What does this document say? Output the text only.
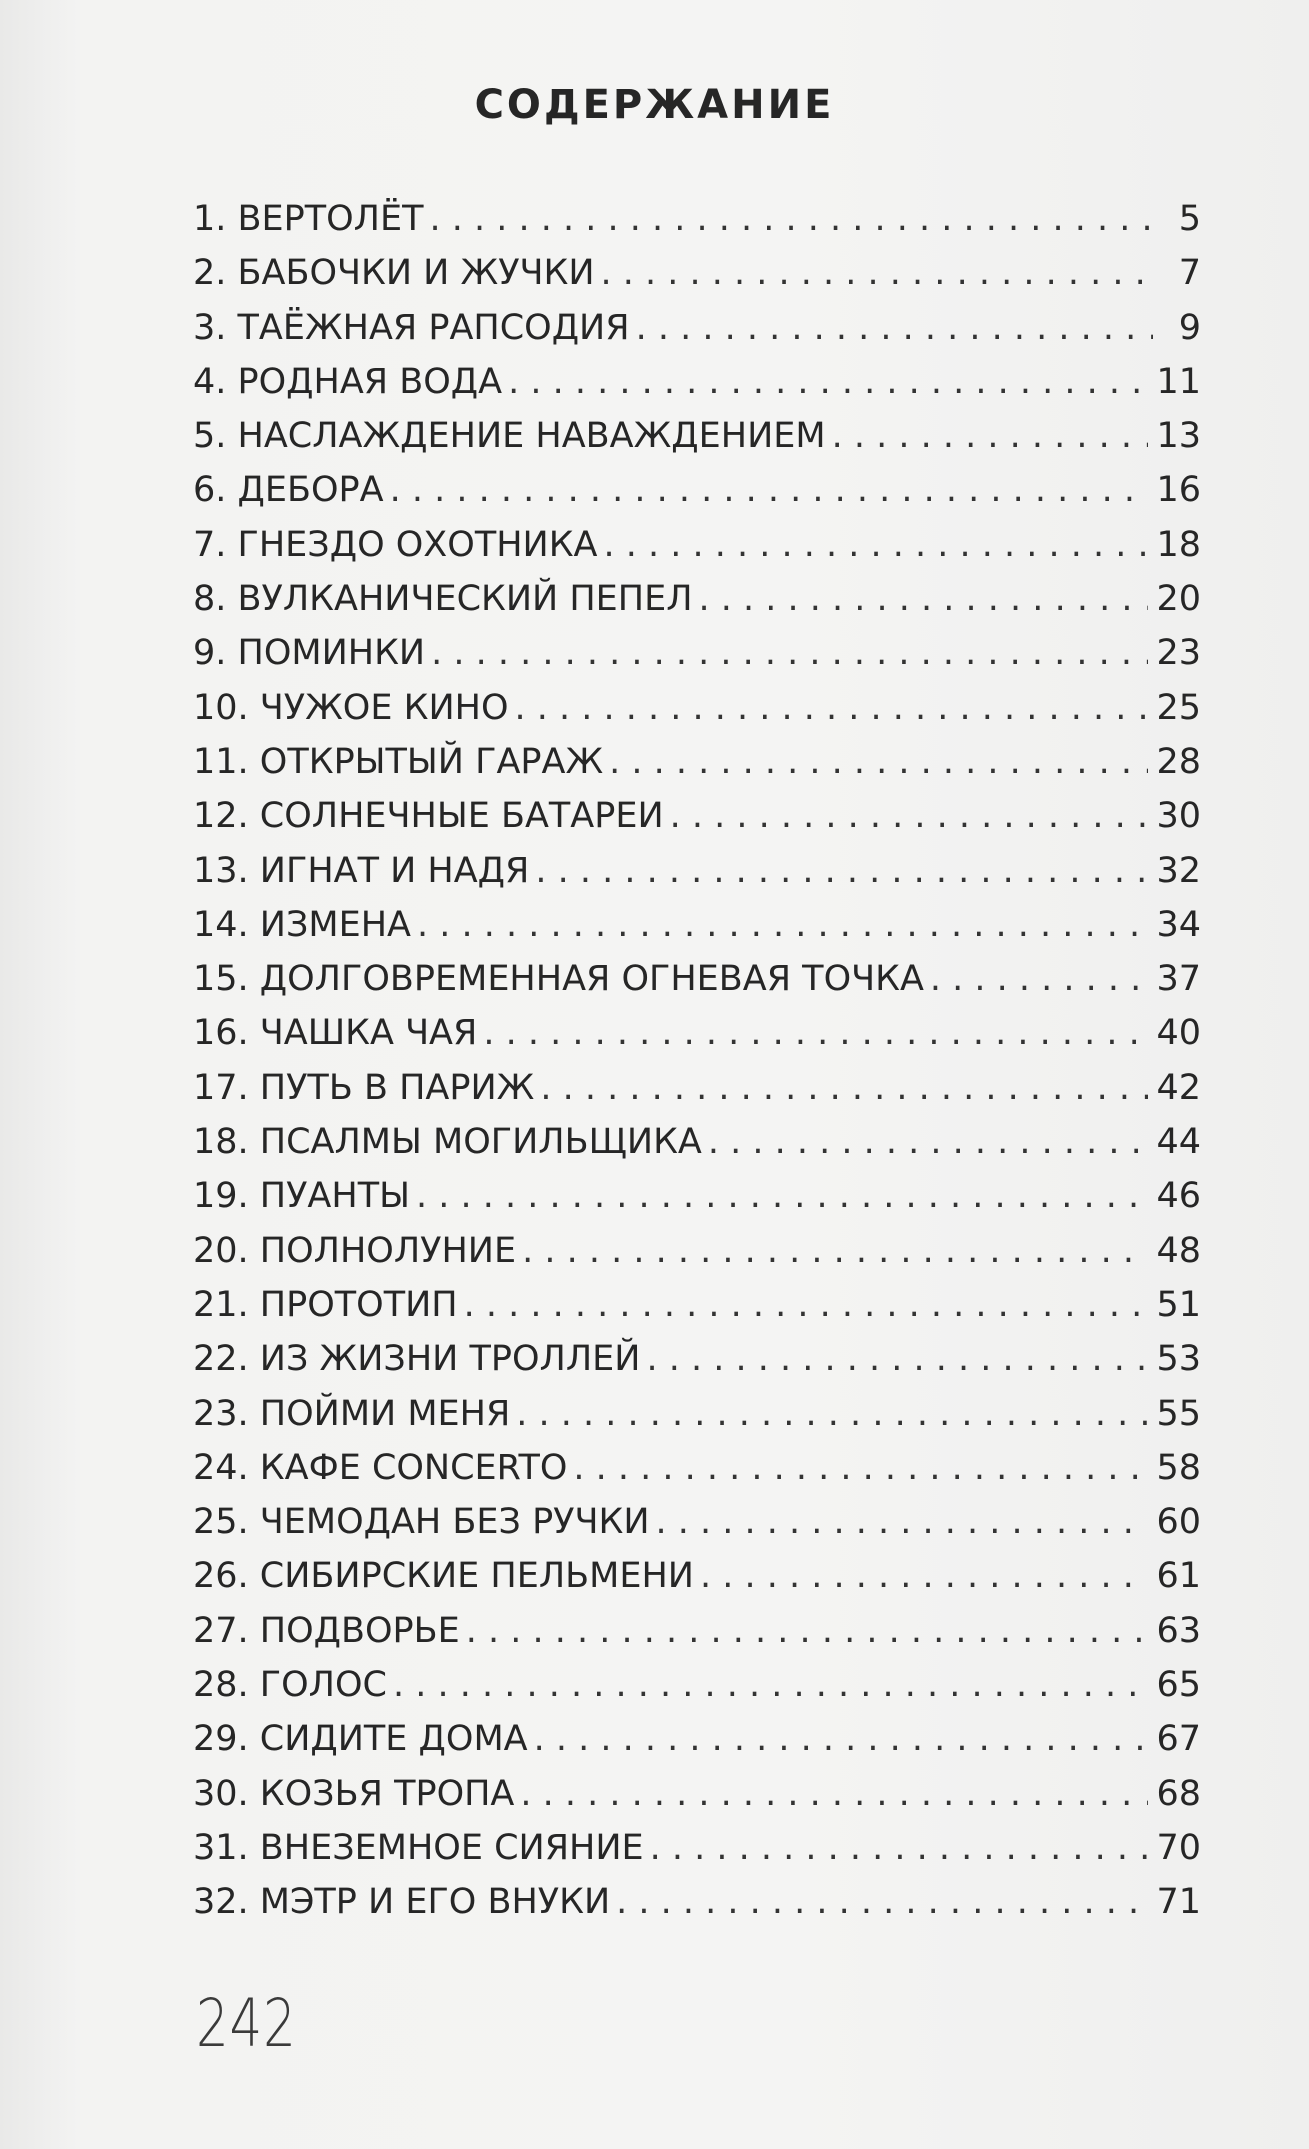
СОДЕРЖАНИЕ
1. ВЕРТОЛЁТ . . .	5
2. БАБОЧКИ И ЖУЧКИ . . .	7
3. ТАЁЖНАЯ РАПСОДИЯ . . .	9
4. РОДНАЯ ВОДА . . .	11
5. НАСЛАЖДЕНИЕ НАВАЖДЕНИЕМ . . .	13
6. ДЕБОРА . . .	16
7. ГНЕЗДО ОХОТНИКА . . .	18
8. ВУЛКАНИЧЕСКИЙ ПЕПЕЛ . . .	20
9. ПОМИНКИ . . .	23
10. ЧУЖОЕ КИНО . . .	25
11. ОТКРЫТЫЙ ГАРАЖ . . .	28
12. СОЛНЕЧНЫЕ БАТАРЕИ . . .	30
13. ИГНАТ И НАДЯ . . .	32
14. ИЗМЕНА . . .	34
15. ДОЛГОВРЕМЕННАЯ ОГНЕВАЯ ТОЧКА . . .	37
16. ЧАШКА ЧАЯ . . .	40
17. ПУТЬ В ПАРИЖ . . .	42
18. ПСАЛМЫ МОГИЛЬЩИКА . . .	44
19. ПУАНТЫ . . .	46
20. ПОЛНОЛУНИЕ . . .	48
21. ПРОТОТИП . . .	51
22. ИЗ ЖИЗНИ ТРОЛЛЕЙ . . .	53
23. ПОЙМИ МЕНЯ . . .	55
24. КАФЕ CONCERTO . . .	58
25. ЧЕМОДАН БЕЗ РУЧКИ . . .	60
26. СИБИРСКИЕ ПЕЛЬМЕНИ . . .	61
27. ПОДВОРЬЕ . . .	63
28. ГОЛОС . . .	65
29. СИДИТЕ ДОМА . . .	67
30. КОЗЬЯ ТРОПА . . .	68
31. ВНЕЗЕМНОЕ СИЯНИЕ . . .	70
32. МЭТР И ЕГО ВНУКИ . . .	71
242
